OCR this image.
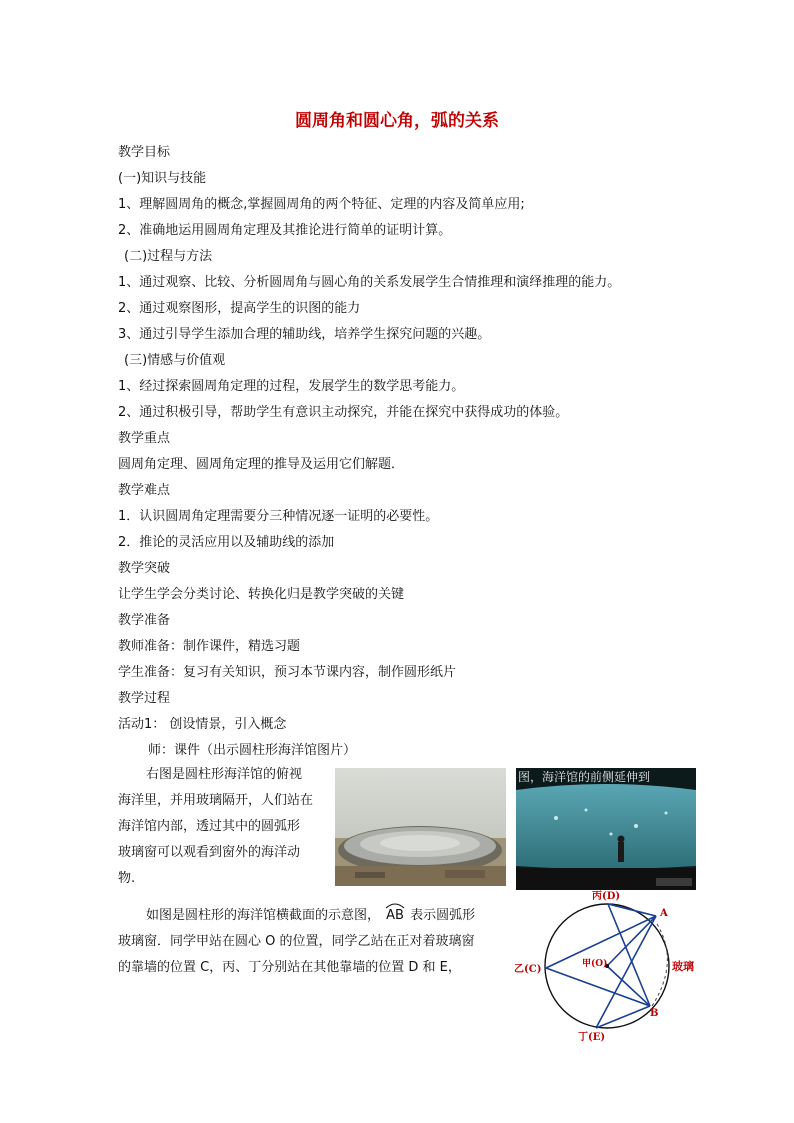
圆周角和圆心角，弧的关系
教学目标
(一)知识与技能
1、理解圆周角的概念,掌握圆周角的两个特征、定理的内容及简单应用;
2、准确地运用圆周角定理及其推论进行简单的证明计算。
(二)过程与方法
1、通过观察、比较、分析圆周角与圆心角的关系发展学生合情推理和演绎推理的能力。
2、通过观察图形，提高学生的识图的能力
3、通过引导学生添加合理的辅助线，培养学生探究问题的兴趣。
(三)情感与价值观
1、经过探索圆周角定理的过程，发展学生的数学思考能力。
2、通过积极引导，帮助学生有意识主动探究，并能在探究中获得成功的体验。
教学重点
圆周角定理、圆周角定理的推导及运用它们解题．
教学难点
1．认识圆周角定理需要分三种情况逐一证明的必要性。
2．推论的灵活应用以及辅助线的添加
教学突破
让学生学会分类讨论、转换化归是教学突破的关键
教学准备
教师准备：制作课件，精选习题
学生准备：复习有关知识，预习本节课内容，制作圆形纸片
教学过程
活动1： 创设情景，引入概念
师：课件（出示圆柱形海洋馆图片）
右图是圆柱形海洋馆的俯视
海洋里，并用玻璃隔开，人们站在
海洋馆内部，透过其中的圆弧形
玻璃窗可以观看到窗外的海洋动
物.
图，海洋馆的前侧延伸到
如图是圆柱形的海洋馆横截面的示意图， AB 表示圆弧形
玻璃窗．同学甲站在圆心 O 的位置，同学乙站在正对着玻璃窗
的靠墙的位置 C，丙、丁分别站在其他靠墙的位置 D 和 E，
丙(D)
A
乙(C)	甲(O)	玻璃
B
丁(E)
